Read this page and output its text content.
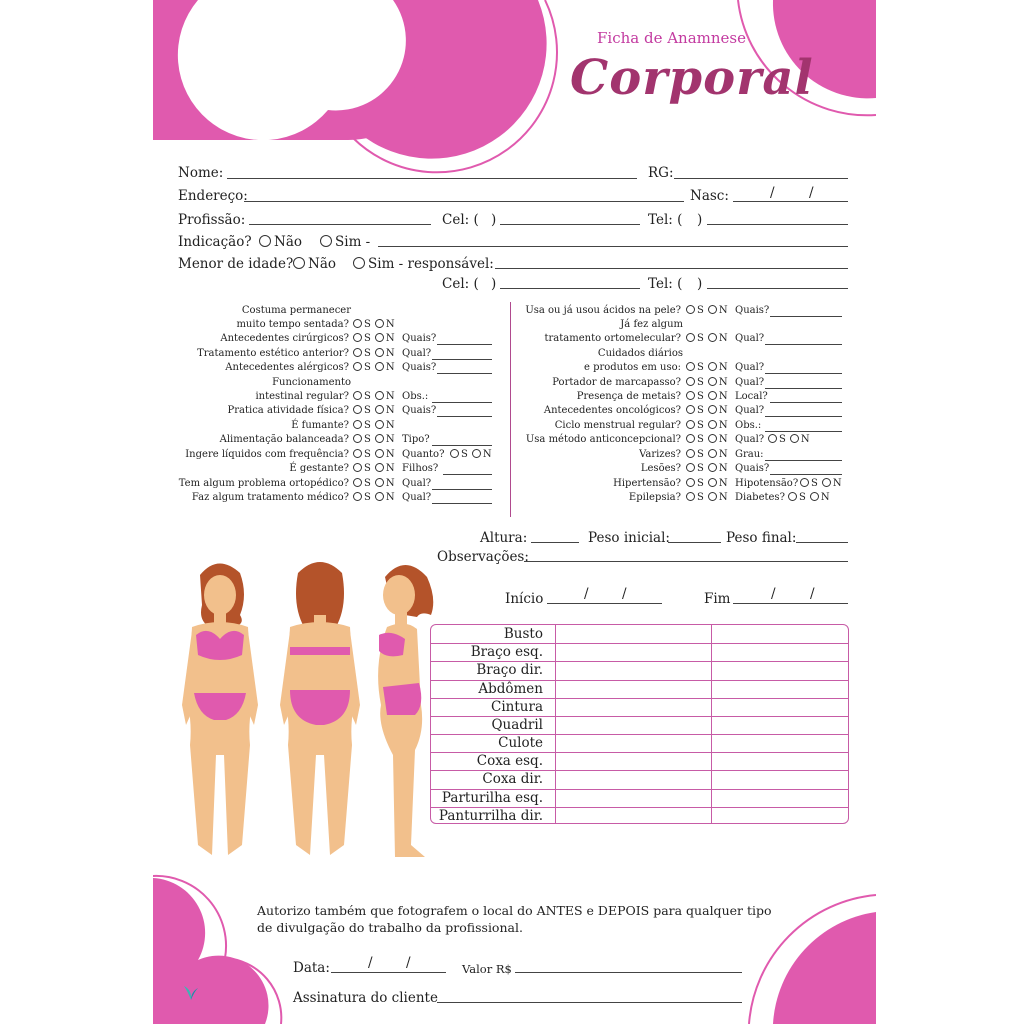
Ficha de Anamnese
Corporal
Nome:	RG:
Endereço:	Nasc:	/	/
Profissão:	Cel: ( )	Tel: ( )
Indicação?	Não	Sim -
Menor de idade?	Não	Sim - responsável:
Cel: ( )	Tel: ( )
Costuma permanecer
muito tempo sentada?	S N
Antecedentes cirúrgicos?	S N Quais?
Tratamento estético anterior?	S N Qual?
Antecedentes alérgicos?	S N Quais?
Funcionamento
intestinal regular?	S N Obs.:
Pratica atividade física?	S N Quais?
É fumante?	S N
Alimentação balanceada?	S N Tipo?
Ingere líquidos com frequência?	S N Quanto?	S N
É gestante?	S N Filhos?
Tem algum problema ortopédico?	S N Qual?
Faz algum tratamento médico?	S N Qual?
Usa ou já usou ácidos na pele?	S N Quais?
Já fez algum
tratamento ortomelecular?	S N Qual?
Cuidados diários
e produtos em uso:	S N Qual?
Portador de marcapasso?	S N Qual?
Presença de metais?	S N Local?
Antecedentes oncológicos?	S N Qual?
Ciclo menstrual regular?	S N Obs.:
Usa método anticoncepcional?	S N Qual?	S N
Varizes?	S N Grau:
Lesões?	S N Quais?
Hipertensão?	S N Hipotensão?	S N
Epilepsia?	S N Diabetes?	S N
Altura:	Peso inicial:	Peso final:
Observações:
Início	/ /	Fim	/	/
Busto
Braço esq.
Braço dir.
Abdômen
Cintura
Quadril
Culote
Coxa esq.
Coxa dir.
Parturilha esq.
Panturrilha dir.
Autorizo também que fotografem o local do ANTES e DEPOIS para qualquer tipo
de divulgação do trabalho da profissional.
Data:	/ /	Valor R$
Assinatura do cliente
